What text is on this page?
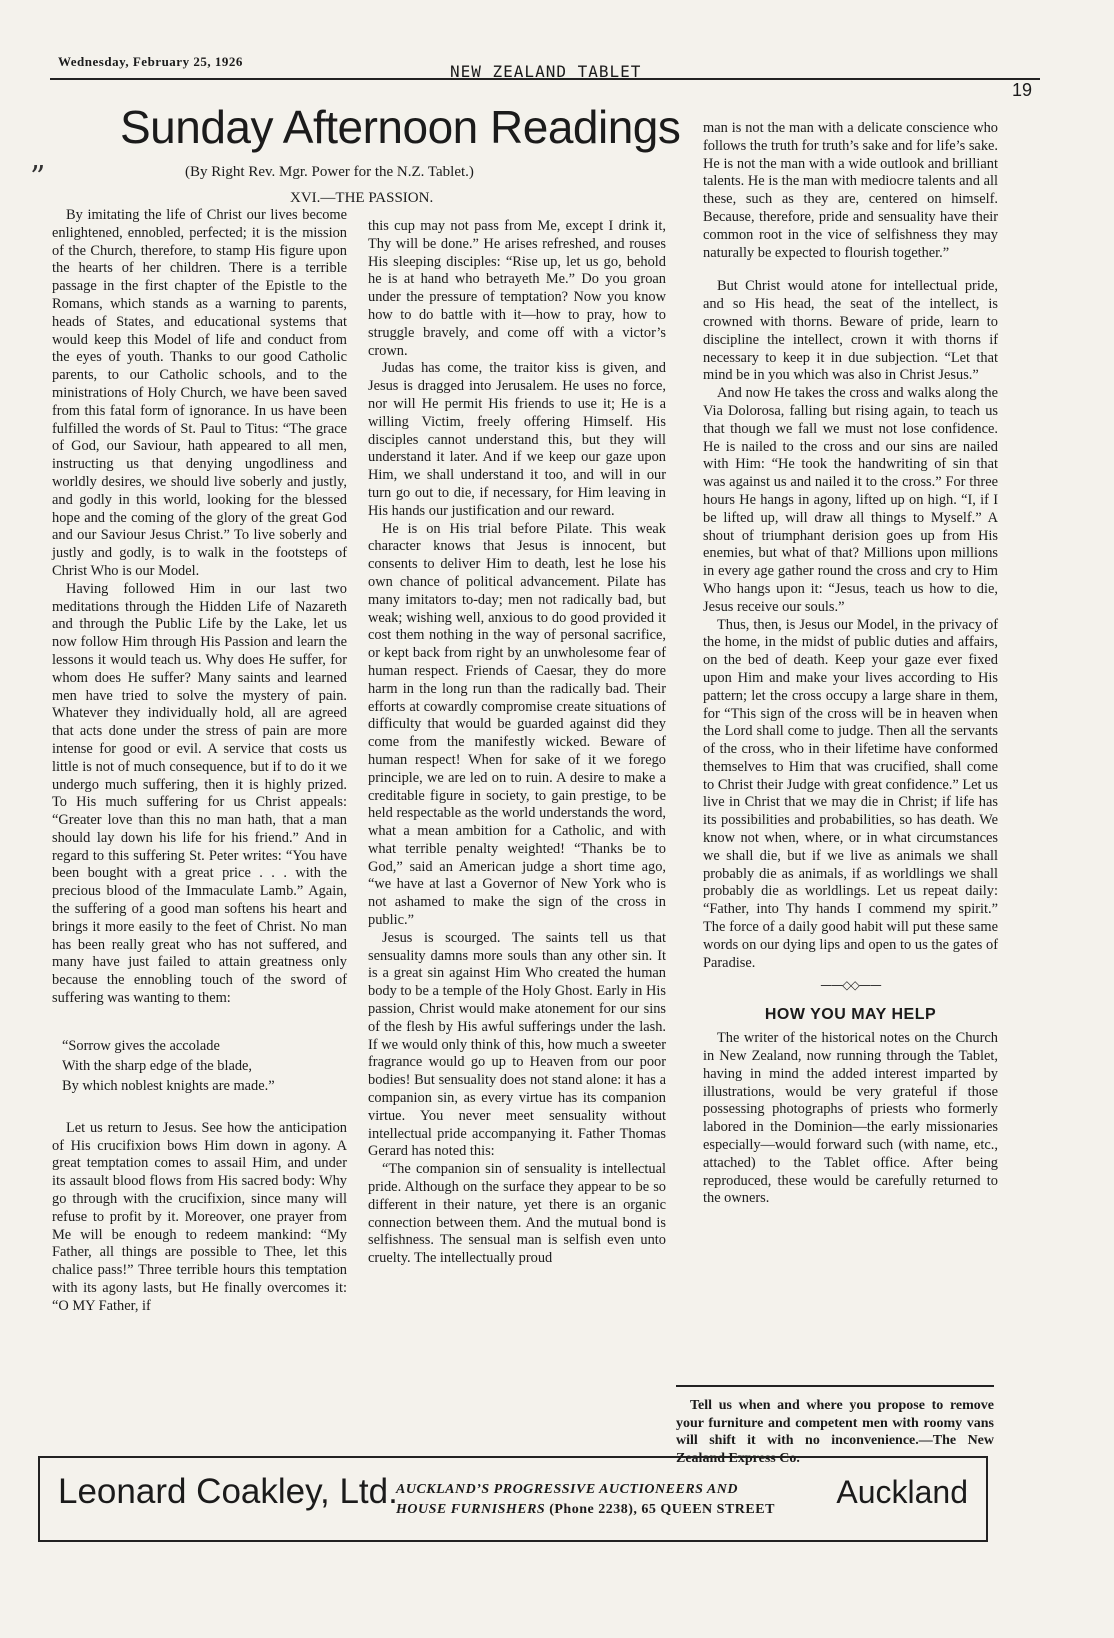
Wednesday, February 25, 1926
NEW ZEALAND TABLET
19
”
Sunday Afternoon Readings
(By Right Rev. Mgr. Power for the N.Z. Tablet.)
XVI.—THE PASSION.

By imitating the life of Christ our lives become enlightened, ennobled, perfected; it is the mission of the Church, therefore, to stamp His figure upon the hearts of her children. There is a terrible passage in the first chapter of the Epistle to the Romans, which stands as a warning to parents, heads of States, and educational systems that would keep this Model of life and conduct from the eyes of youth. Thanks to our good Catholic parents, to our Catholic schools, and to the ministrations of Holy Church, we have been saved from this fatal form of ignorance. In us have been fulfilled the words of St. Paul to Titus: “The grace of God, our Saviour, hath appeared to all men, instructing us that denying ungodliness and worldly desires, we should live soberly and justly, and godly in this world, looking for the blessed hope and the coming of the glory of the great God and our Saviour Jesus Christ.” To live soberly and justly and godly, is to walk in the footsteps of Christ Who is our Model.

Having followed Him in our last two meditations through the Hidden Life of Nazareth and through the Public Life by the Lake, let us now follow Him through His Passion and learn the lessons it would teach us. Why does He suffer, for whom does He suffer? Many saints and learned men have tried to solve the mystery of pain. Whatever they individually hold, all are agreed that acts done under the stress of pain are more intense for good or evil. A service that costs us little is not of much consequence, but if to do it we undergo much suffering, then it is highly prized. To His much suffering for us Christ appeals: “Greater love than this no man hath, that a man should lay down his life for his friend.” And in regard to this suffering St. Peter writes: “You have been bought with a great price . . . with the precious blood of the Immaculate Lamb.” Again, the suffering of a good man softens his heart and brings it more easily to the feet of Christ. No man has been really great who has not suffered, and many have just failed to attain greatness only because the ennobling touch of the sword of suffering was wanting to them:

“Sorrow gives the accolade
With the sharp edge of the blade,
By which noblest knights are made.”

Let us return to Jesus. See how the anticipation of His crucifixion bows Him down in agony. A great temptation comes to assail Him, and under its assault blood flows from His sacred body: Why go through with the crucifixion, since many will refuse to profit by it. Moreover, one prayer from Me will be enough to redeem mankind: “My Father, all things are possible to Thee, let this chalice pass!” Three terrible hours this temptation with its agony lasts, but He finally overcomes it: “O MY Father, if

this cup may not pass from Me, except I drink it, Thy will be done.” He arises refreshed, and rouses His sleeping disciples: “Rise up, let us go, behold he is at hand who betrayeth Me.” Do you groan under the pressure of temptation? Now you know how to do battle with it—how to pray, how to struggle bravely, and come off with a victor’s crown.

Judas has come, the traitor kiss is given, and Jesus is dragged into Jerusalem. He uses no force, nor will He permit His friends to use it; He is a willing Victim, freely offering Himself. His disciples cannot understand this, but they will understand it later. And if we keep our gaze upon Him, we shall understand it too, and will in our turn go out to die, if necessary, for Him leaving in His hands our justification and our reward.

He is on His trial before Pilate. This weak character knows that Jesus is innocent, but consents to deliver Him to death, lest he lose his own chance of political advancement. Pilate has many imitators to-day; men not radically bad, but weak; wishing well, anxious to do good provided it cost them nothing in the way of personal sacrifice, or kept back from right by an unwholesome fear of human respect. Friends of Caesar, they do more harm in the long run than the radically bad. Their efforts at cowardly compromise create situations of difficulty that would be guarded against did they come from the manifestly wicked. Beware of human respect! When for sake of it we forego principle, we are led on to ruin. A desire to make a creditable figure in society, to gain prestige, to be held respectable as the world understands the word, what a mean ambition for a Catholic, and with what terrible penalty weighted! “Thanks be to God,” said an American judge a short time ago, “we have at last a Governor of New York who is not ashamed to make the sign of the cross in public.”

Jesus is scourged. The saints tell us that sensuality damns more souls than any other sin. It is a great sin against Him Who created the human body to be a temple of the Holy Ghost. Early in His passion, Christ would make atonement for our sins of the flesh by His awful sufferings under the lash. If we would only think of this, how much a sweeter fragrance would go up to Heaven from our poor bodies! But sensuality does not stand alone: it has a companion sin, as every virtue has its companion virtue. You never meet sensuality without intellectual pride accompanying it. Father Thomas Gerard has noted this:

“The companion sin of sensuality is intellectual pride. Although on the surface they appear to be so different in their nature, yet there is an organic connection between them. And the mutual bond is selfishness. The sensual man is selfish even unto cruelty. The intellectually proud

man is not the man with a delicate conscience who follows the truth for truth’s sake and for life’s sake. He is not the man with a wide outlook and brilliant talents. He is the man with mediocre talents and all these, such as they are, centered on himself. Because, therefore, pride and sensuality have their common root in the vice of selfishness they may naturally be expected to flourish together.”

But Christ would atone for intellectual pride, and so His head, the seat of the intellect, is crowned with thorns. Beware of pride, learn to discipline the intellect, crown it with thorns if necessary to keep it in due subjection. “Let that mind be in you which was also in Christ Jesus.”

And now He takes the cross and walks along the Via Dolorosa, falling but rising again, to teach us that though we fall we must not lose confidence. He is nailed to the cross and our sins are nailed with Him: “He took the handwriting of sin that was against us and nailed it to the cross.” For three hours He hangs in agony, lifted up on high. “I, if I be lifted up, will draw all things to Myself.” A shout of triumphant derision goes up from His enemies, but what of that? Millions upon millions in every age gather round the cross and cry to Him Who hangs upon it: “Jesus, teach us how to die, Jesus receive our souls.”

Thus, then, is Jesus our Model, in the privacy of the home, in the midst of public duties and affairs, on the bed of death. Keep your gaze ever fixed upon Him and make your lives according to His pattern; let the cross occupy a large share in them, for “This sign of the cross will be in heaven when the Lord shall come to judge. Then all the servants of the cross, who in their lifetime have conformed themselves to Him that was crucified, shall come to Christ their Judge with great confidence.” Let us live in Christ that we may die in Christ; if life has its possibilities and probabilities, so has death. We know not when, where, or in what circumstances we shall die, but if we live as animals we shall probably die as animals, if as worldlings we shall probably die as worldlings. Let us repeat daily: “Father, into Thy hands I commend my spirit.” The force of a daily good habit will put these same words on our dying lips and open to us the gates of Paradise.

——◇◇——
HOW YOU MAY HELP

The writer of the historical notes on the Church in New Zealand, now running through the Tablet, having in mind the added interest imparted by illustrations, would be very grateful if those possessing photographs of priests who formerly labored in the Dominion—the early missionaries especially—would forward such (with name, etc., attached) to the Tablet office. After being reproduced, these would be carefully returned to the owners.

Tell us when and where you propose to remove your furniture and competent men with roomy vans will shift it with no inconvenience.—The New Zealand Express Co.

Leonard Coakley, Ltd.
AUCKLAND’S PROGRESSIVE AUCTIONEERS AND
HOUSE FURNISHERS (Phone 2238), 65 QUEEN STREET	Auckland
